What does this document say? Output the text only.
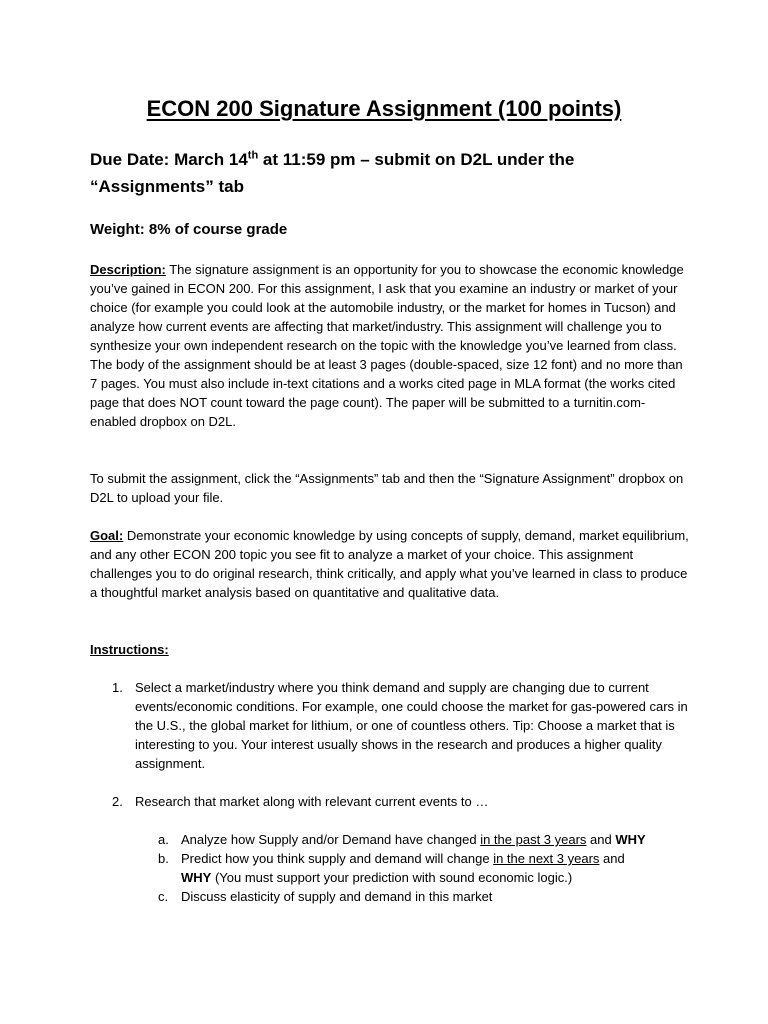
ECON 200 Signature Assignment (100 points)
Due Date: March 14th at 11:59 pm – submit on D2L under the
“Assignments” tab
Weight: 8% of course grade
Description: The signature assignment is an opportunity for you to showcase the economic knowledge you’ve gained in ECON 200. For this assignment, I ask that you examine an industry or market of your choice (for example you could look at the automobile industry, or the market for homes in Tucson) and analyze how current events are affecting that market/industry. This assignment will challenge you to synthesize your own independent research on the topic with the knowledge you’ve learned from class. The body of the assignment should be at least 3 pages (double-spaced, size 12 font) and no more than 7 pages. You must also include in-text citations and a works cited page in MLA format (the works cited page that does NOT count toward the page count). The paper will be submitted to a turnitin.com-enabled dropbox on D2L.
To submit the assignment, click the “Assignments” tab and then the “Signature Assignment” dropbox on D2L to upload your file.
Goal: Demonstrate your economic knowledge by using concepts of supply, demand, market equilibrium, and any other ECON 200 topic you see fit to analyze a market of your choice. This assignment challenges you to do original research, think critically, and apply what you’ve learned in class to produce a thoughtful market analysis based on quantitative and qualitative data.
Instructions:
1. Select a market/industry where you think demand and supply are changing due to current events/economic conditions. For example, one could choose the market for gas-powered cars in the U.S., the global market for lithium, or one of countless others. Tip: Choose a market that is interesting to you. Your interest usually shows in the research and produces a higher quality assignment.
2. Research that market along with relevant current events to …
a. Analyze how Supply and/or Demand have changed in the past 3 years and WHY
b. Predict how you think supply and demand will change in the next 3 years and
WHY (You must support your prediction with sound economic logic.)
c. Discuss elasticity of supply and demand in this market
